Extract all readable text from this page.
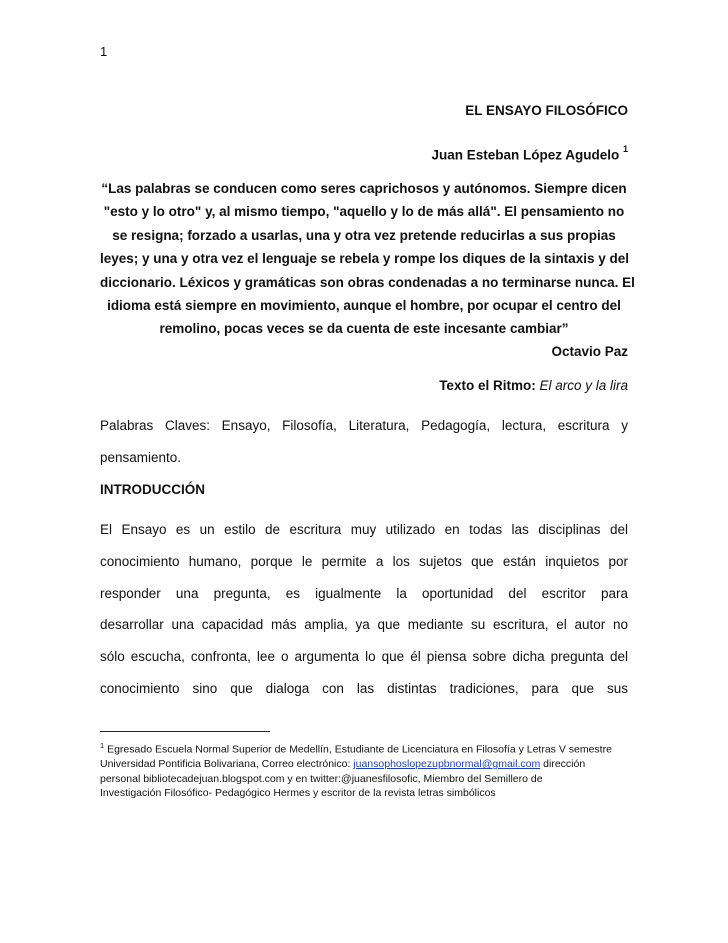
1
EL ENSAYO FILOSÓFICO
Juan Esteban López Agudelo $^1$
“Las palabras se conducen como seres caprichosos y autónomos. Siempre dicen
"esto y lo otro" y, al mismo tiempo, "aquello y lo de más allá". El pensamiento no
se resigna; forzado a usarlas, una y otra vez pretende reducirlas a sus propias
leyes; y una y otra vez el lenguaje se rebela y rompe los diques de la sintaxis y del
diccionario. Léxicos y gramáticas son obras condenadas a no terminarse nunca. El
idioma está siempre en movimiento, aunque el hombre, por ocupar el centro del
remolino, pocas veces se da cuenta de este incesante cambiar”
Octavio Paz
Texto el Ritmo: El arco y la lira
Palabras Claves: Ensayo, Filosofía, Literatura, Pedagogía, lectura, escritura y
pensamiento.
INTRODUCCIÓN
El Ensayo es un estilo de escritura muy utilizado en todas las disciplinas del
conocimiento humano, porque le permite a los sujetos que están inquietos por
responder una pregunta, es igualmente la oportunidad del escritor para
desarrollar una capacidad más amplia, ya que mediante su escritura, el autor no
sólo escucha, confronta, lee o argumenta lo que él piensa sobre dicha pregunta del
conocimiento sino que dialoga con las distintas tradiciones, para que sus
$^1$ Egresado Escuela Normal Superior de Medellín, Estudiante de Licenciatura en Filosofía y Letras V semestre
Universidad Pontificia Bolivariana, Correo electrónico: juansophoslopezupbnormal@gmail.com dirección
personal bibliotecadejuan.blogspot.com y en twitter:@juanesfilosofic, Miembro del Semillero de
Investigación Filosófico- Pedagógico Hermes y escritor de la revista letras simbólicos
